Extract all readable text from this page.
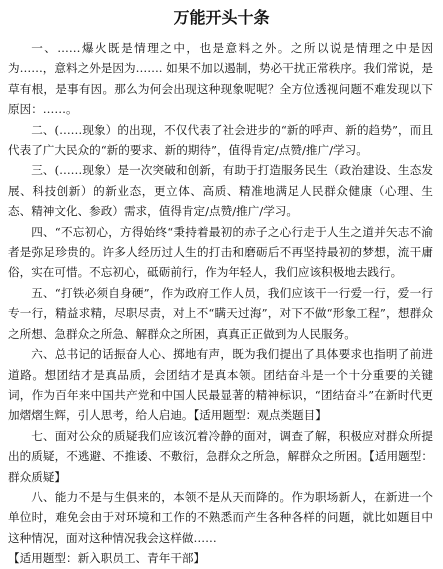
万能开头十条

一、……爆火既是情理之中，也是意料之外。之所以说是情理之中是因为……，意料之外是因为……. 如果不加以遏制，势必干扰正常秩序。我们常说，是草有根，是事有因。那么为何会出现这种现象呢呢？全方位透视问题不难发现以下原因：……。

二、(……现象）的出现，不仅代表了社会进步的“新的呼声、新的趋势”，而且代表了广大民众的“新的要求、新的期待”，值得肯定/点赞/推广/学习。

三、(……现象）是一次突破和创新，有助于打造服务民生（政治建设、生态发展、科技创新）的新业态，更立体、高质、精准地满足人民群众健康（心理、生态、精神文化、参政）需求，值得肯定/点赞/推广/学习。

四、“不忘初心，方得始终“秉持着最初的赤子之心行走于人生之道并矢志不渝者是弥足珍贵的。许多人经历过人生的打击和磨砺后不再坚持最初的梦想，流干庸俗，实在可惜。不忘初心，砥砺前行，作为年轻人，我们应该积极地去践行。

五、“打铁必须自身硬”，作为政府工作人员，我们应该干一行爱一行，爱一行专一行，精益求精，尽职尽责，对上不“瞒天过海”，对下不做“形象工程”，想群众之所想、急群众之所急、解群众之所困，真真正正做到为人民服务。

六、总书记的话振奋人心、掷地有声，既为我们提出了具体要求也指明了前进道路。想团结才是真品质，会团结才是真本领。团结奋斗是一个十分重要的关键词，作为百年来中国共产党和中国人民最显著的精神标识，“团结奋斗”在新时代更加熠熠生辉，引人思考，给人启迪。【适用题型：观点类题目】

七、面对公众的质疑我们应该沉着冷静的面对，调查了解，积极应对群众所提出的质疑，不逃避、不推诿、不敷衍，急群众之所急，解群众之所困。【适用题型：群众质疑】

八、能力不是与生俱来的，本领不是从天而降的。作为职场新人，在新进一个单位时，难免会由于对环境和工作的不熟悉而产生各种各样的问题，就比如题目中这种情况，面对这种情况我会这样做……

【适用题型：新入职员工、青年干部】
